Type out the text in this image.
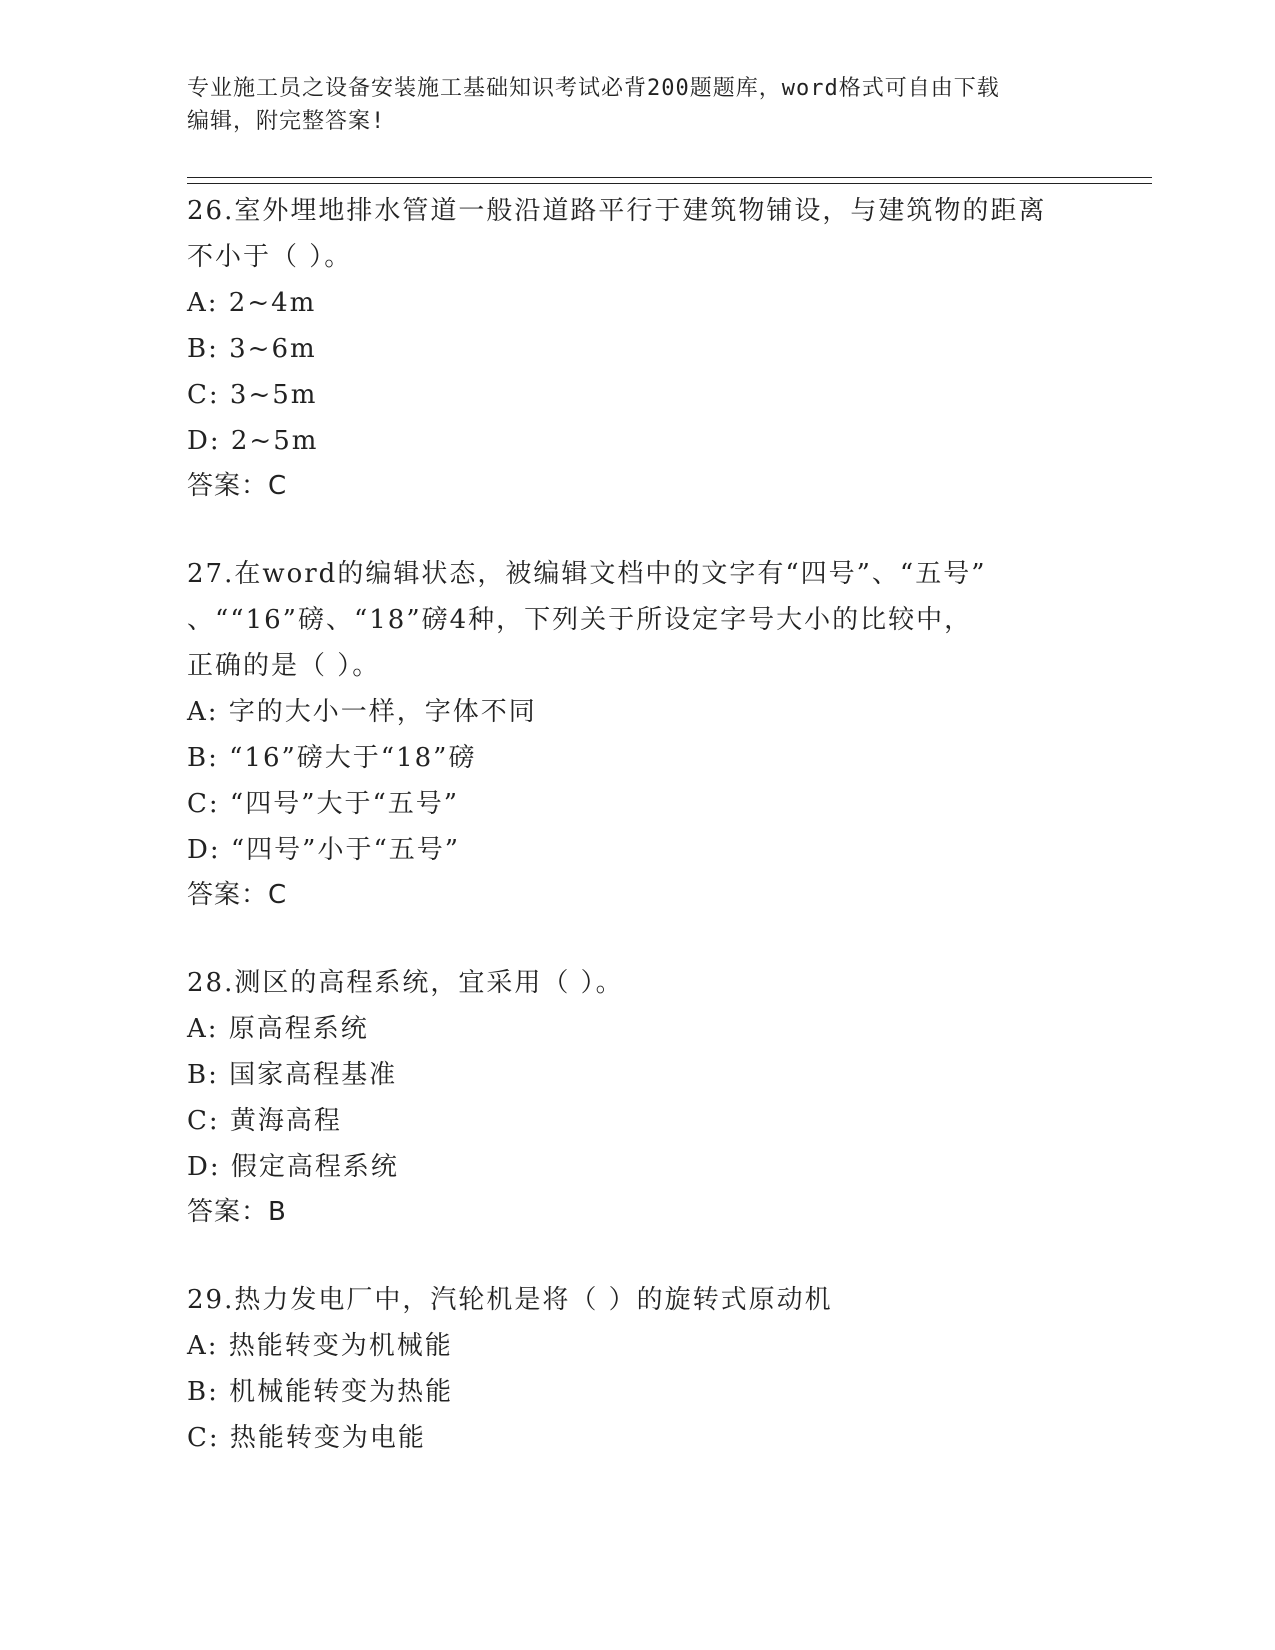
专业施工员之设备安装施工基础知识考试必背200题题库，word格式可自由下载
编辑，附完整答案!
26.室外埋地排水管道一般沿道路平行于建筑物铺设，与建筑物的距离
不小于（ ）。
A: 2~4m
B: 3~6m
C: 3~5m
D: 2~5m
答案：C
27.在word的编辑状态，被编辑文档中的文字有“四号”、“五号”
、““16”磅、“18”磅4种，下列关于所设定字号大小的比较中，
正确的是（ ）。
A: 字的大小一样，字体不同
B: “16”磅大于“18”磅
C: “四号”大于“五号”
D: “四号”小于“五号”
答案：C
28.测区的高程系统，宜采用（ ）。
A: 原高程系统
B: 国家高程基准
C: 黄海高程
D: 假定高程系统
答案：B
29.热力发电厂中，汽轮机是将（ ）的旋转式原动机
A: 热能转变为机械能
B: 机械能转变为热能
C: 热能转变为电能
